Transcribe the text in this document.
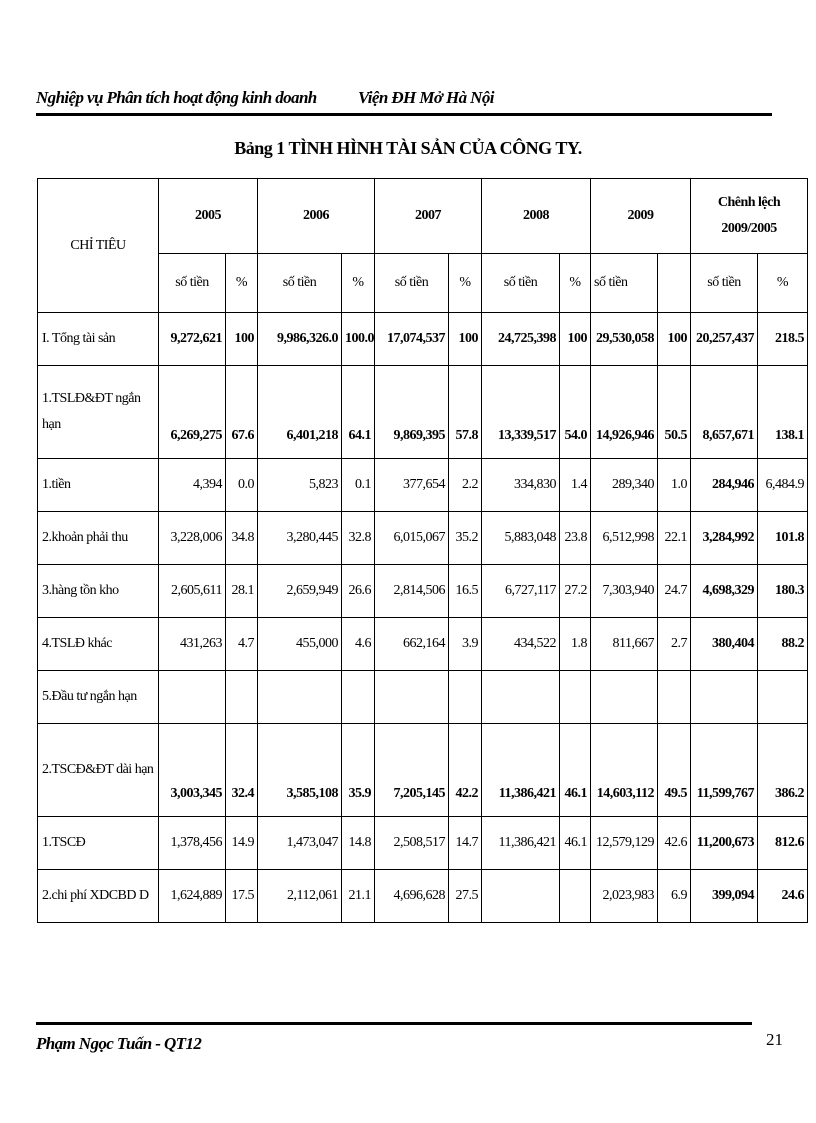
Nghiệp vụ Phân tích hoạt động kinh doanh Viện ĐH Mở Hà Nội
Bảng 1 TÌNH HÌNH TÀI SẢN CỦA CÔNG TY.
CHỈ TIÊU	2005		2006		2007		2008		2009		Chênh lệch
2009/2005	

	số tiền	%	số tiền	%	số tiền	%	số tiền	%	số tiền		số tiền	%
I. Tổng tài sản	9,272,621	100	9,986,326.0	100.0	17,074,537	100	24,725,398	100	29,530,058	100	20,257,437	218.5

1.TSLĐ&ĐT ngắn hạn	6,269,275	67.6	6,401,218	64.1	9,869,395	57.8	13,339,517	54.0	14,926,946	50.5	8,657,671	138.1
1.tiền	4,394	0.0	5,823	0.1	377,654	2.2	334,830	1.4	289,340	1.0	284,946	6,484.9
2.khoản phải thu	3,228,006	34.8	3,280,445	32.8	6,015,067	35.2	5,883,048	23.8	6,512,998	22.1	3,284,992	101.8
3.hàng tồn kho	2,605,611	28.1	2,659,949	26.6	2,814,506	16.5	6,727,117	27.2	7,303,940	24.7	4,698,329	180.3
4.TSLĐ khác	431,263	4.7	455,000	4.6	662,164	3.9	434,522	1.8	811,667	2.7	380,404	88.2
5.Đầu tư ngắn hạn												

2.TSCĐ&ĐT dài hạn	3,003,345	32.4	3,585,108	35.9	7,205,145	42.2	11,386,421	46.1	14,603,112	49.5	11,599,767	386.2
1.TSCĐ	1,378,456	14.9	1,473,047	14.8	2,508,517	14.7	11,386,421	46.1	12,579,129	42.6	11,200,673	812.6
2.chi phí XDCBD D	1,624,889	17.5	2,112,061	21.1	4,696,628	27.5			2,023,983	6.9	399,094	24.6
Phạm Ngọc Tuấn - QT12	21
